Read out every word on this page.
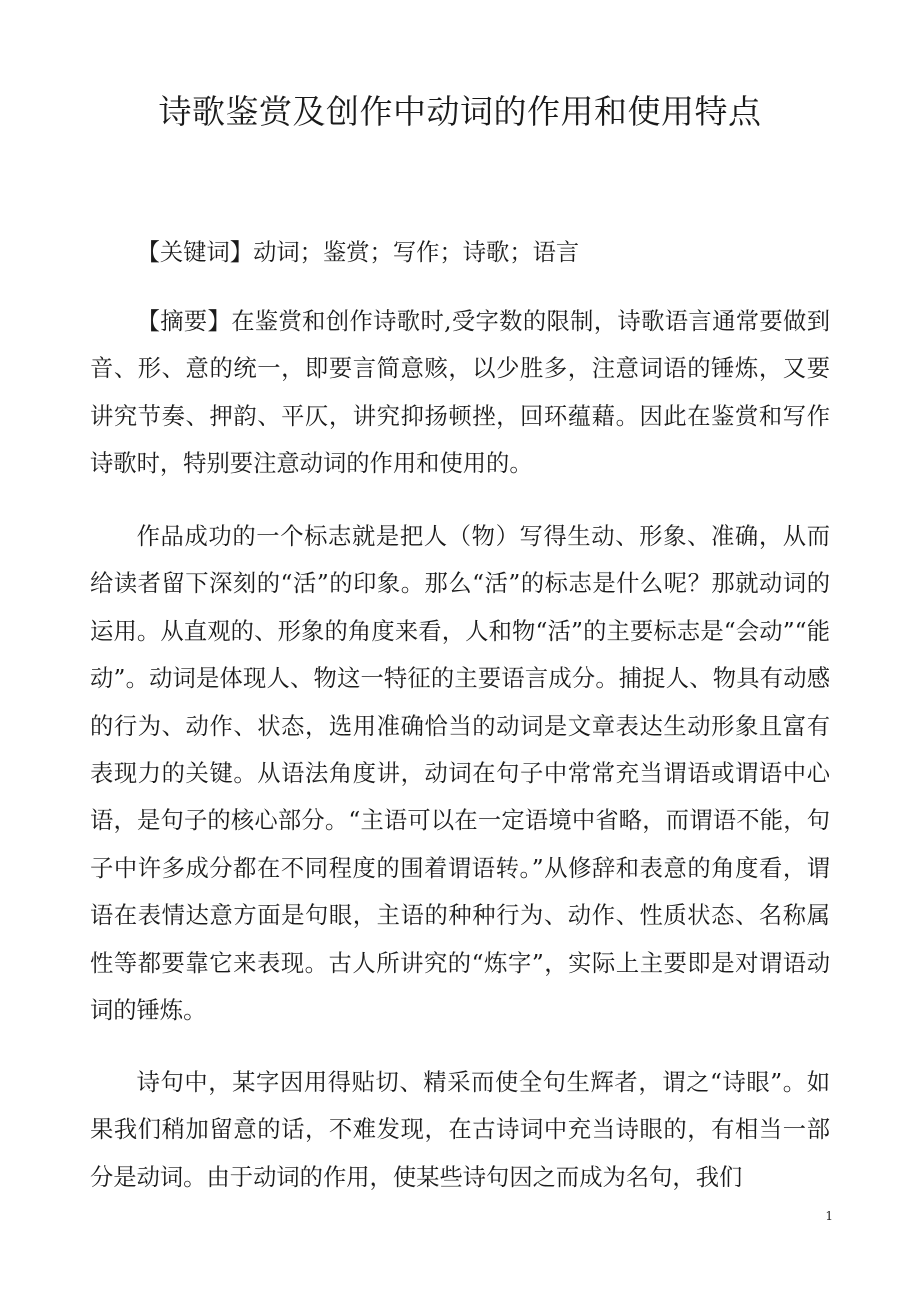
诗歌鉴赏及创作中动词的作用和使用特点

【关键词】动词；鉴赏；写作；诗歌；语言

【摘要】在鉴赏和创作诗歌时,受字数的限制，诗歌语言通常要做到音、形、意的统一，即要言简意赅，以少胜多，注意词语的锤炼，又要讲究节奏、押韵、平仄，讲究抑扬顿挫，回环蕴藉。因此在鉴赏和写作诗歌时，特别要注意动词的作用和使用的。

作品成功的一个标志就是把人（物）写得生动、形象、准确，从而给读者留下深刻的“活”的印象。那么“活”的标志是什么呢？那就动词的运用。从直观的、形象的角度来看，人和物“活”的主要标志是“会动”“能动”。动词是体现人、物这一特征的主要语言成分。捕捉人、物具有动感的行为、动作、状态，选用准确恰当的动词是文章表达生动形象且富有表现力的关键。从语法角度讲，动词在句子中常常充当谓语或谓语中心语，是句子的核心部分。“主语可以在一定语境中省略，而谓语不能，句子中许多成分都在不同程度的围着谓语转。”从修辞和表意的角度看，谓语在表情达意方面是句眼，主语的种种行为、动作、性质状态、名称属性等都要靠它来表现。古人所讲究的“炼字”，实际上主要即是对谓语动词的锤炼。

诗句中，某字因用得贴切、精采而使全句生辉者，谓之“诗眼”。如果我们稍加留意的话，不难发现，在古诗词中充当诗眼的，有相当一部分是动词。由于动词的作用，使某些诗句因之而成为名句，我们

1
